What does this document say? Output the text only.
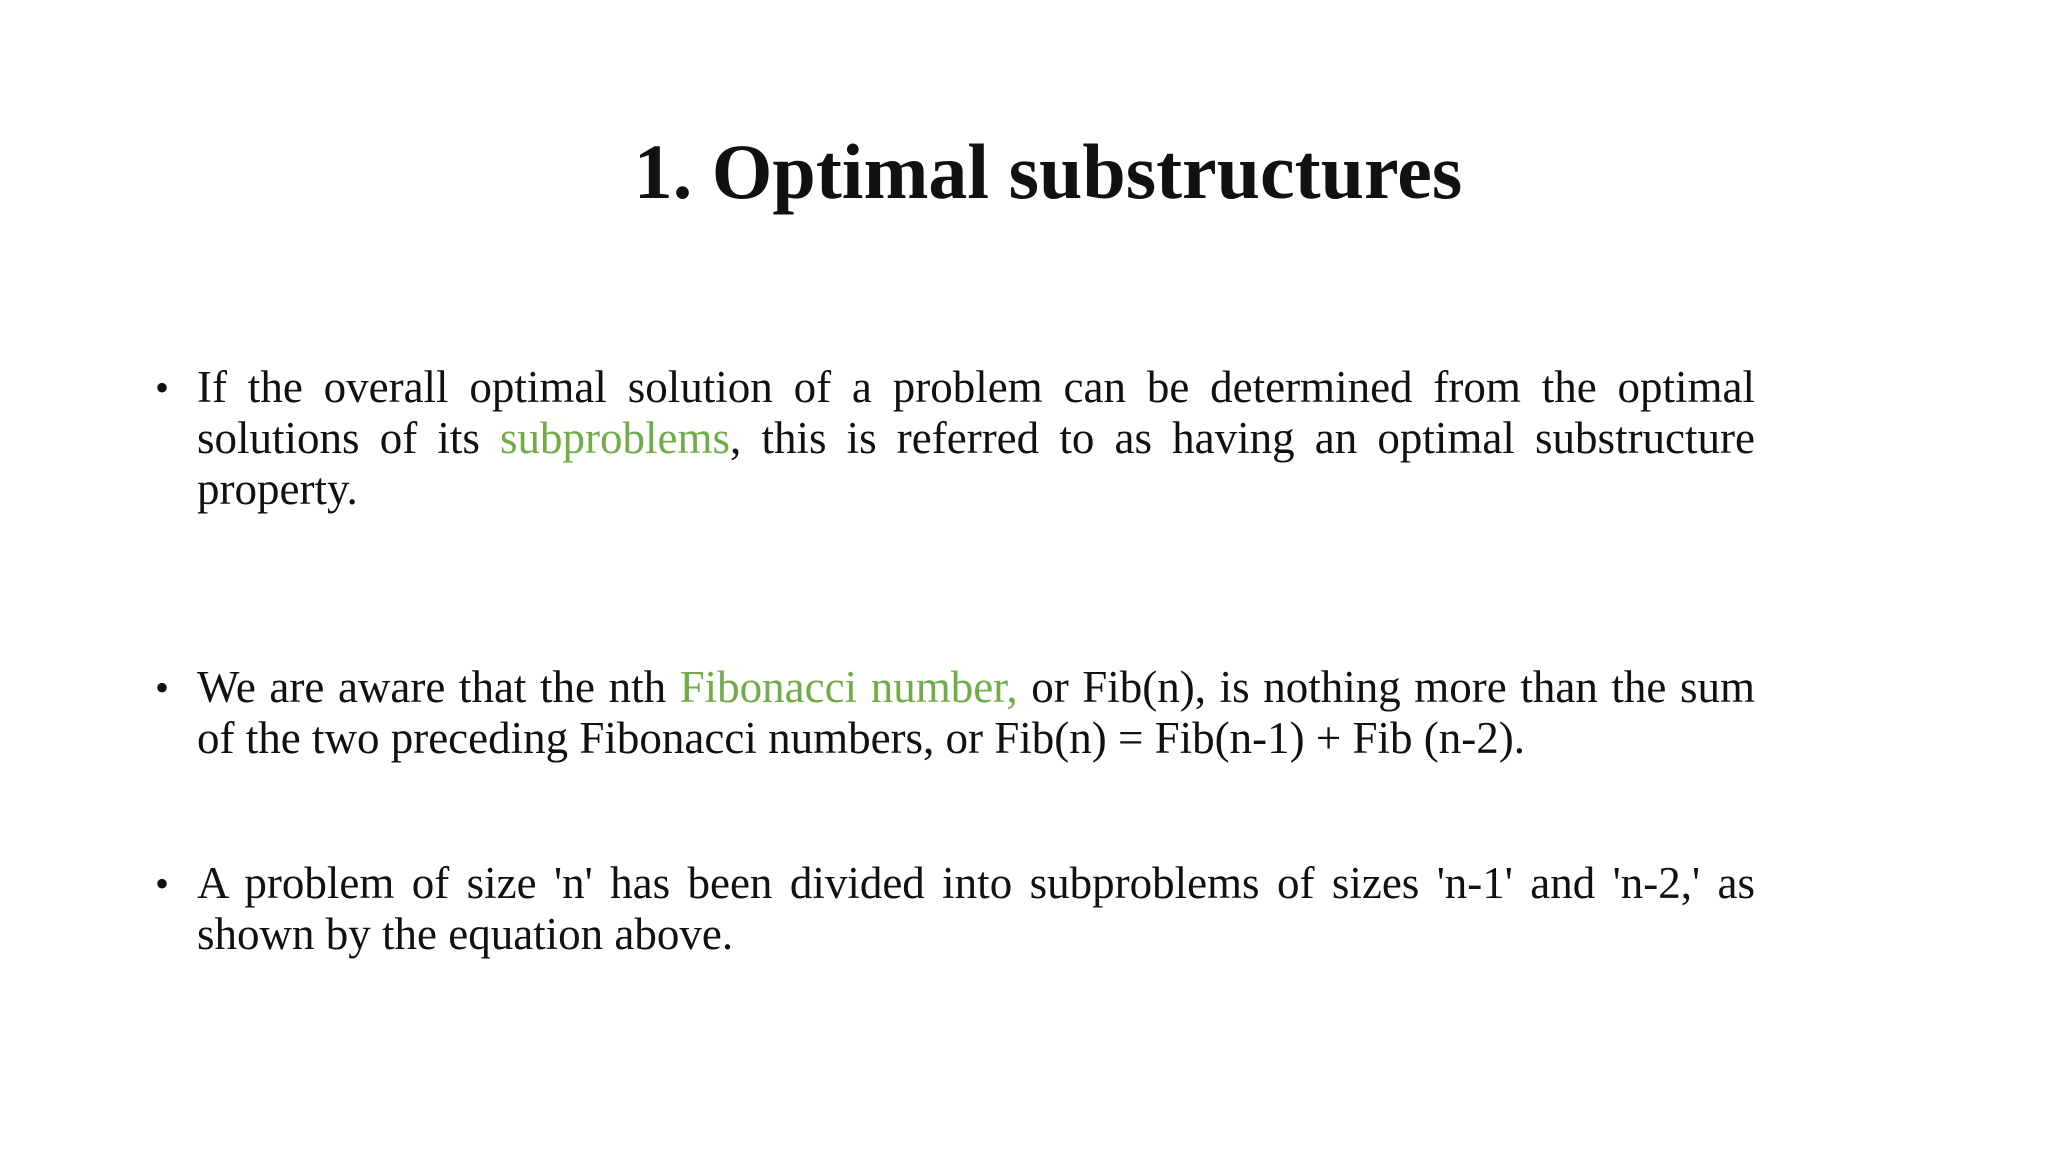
1. Optimal substructures
• If the overall optimal solution of a problem can be determined from the optimal solutions of its subproblems, this is referred to as having an optimal substructure property.
• We are aware that the nth Fibonacci number, or Fib(n), is nothing more than the sum of the two preceding Fibonacci numbers, or Fib(n) = Fib(n-1) + Fib (n-2).
• A problem of size 'n' has been divided into subproblems of sizes 'n-1' and 'n-2,' as shown by the equation above.
